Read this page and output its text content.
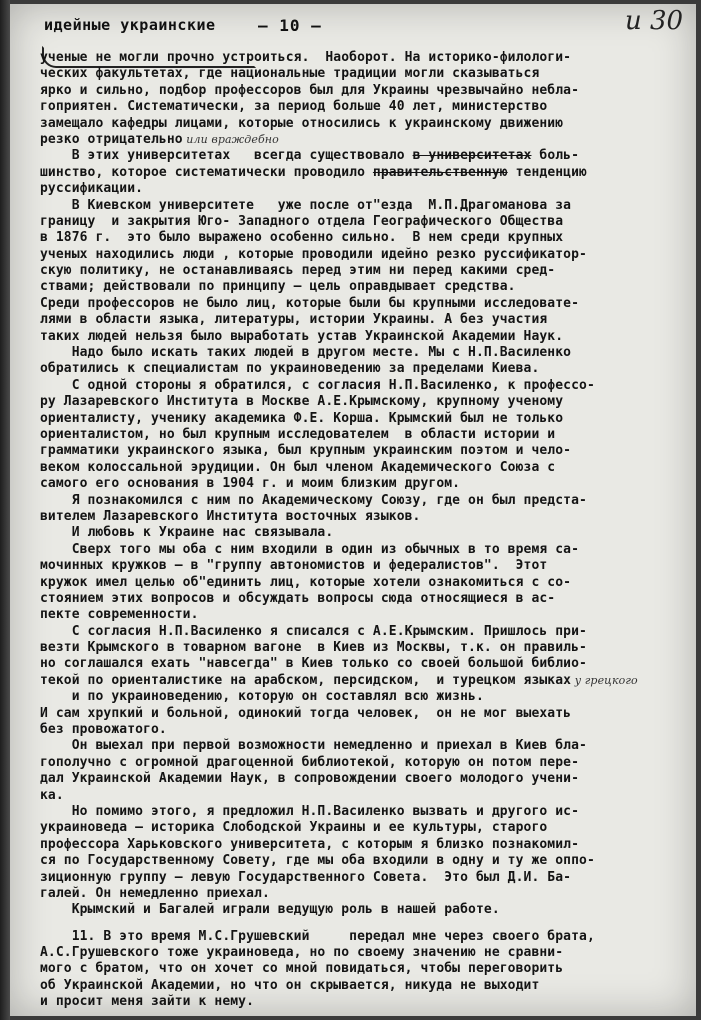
идейные украинские	— 10 —	и 30
ученые не могли прочно устроиться.  Наоборот. На историко-филологи-
ческих факультетах, где национальные традиции могли сказываться
ярко и сильно, подбор профессоров был для Украины чрезвычайно небла-
гоприятен. Систематически, за период больше 40 лет, министерство
замещало кафедры лицами, которые относились к украинскому движению
резко отрицательно или враждебно
В этих университетах   всегда существовало в университетах боль-
шинство, которое систематически проводило правительственную тенденцию
руссификации.
В Киевском университете   уже после от"езда  М.П.Драгоманова за
границу  и закрытия Юго- Западного отдела Географического Общества
в 1876 г.  это было выражено особенно сильно.  В нем среди крупных
ученых находились люди , которые проводили идейно резко руссификатор-
скую политику, не останавливаясь перед этим ни перед какими сред-
ствами; действовали по принципу — цель оправдывает средства.
Среди профессоров не было лиц, которые были бы крупными исследовате-
лями в области языка, литературы, истории Украины. А без участия
таких людей нельзя было выработать устав Украинской Академии Наук.
Надо было искать таких людей в другом месте. Мы с Н.П.Василенко
обратились к специалистам по украиноведению за пределами Киева.
С одной стороны я обратился, с согласия Н.П.Василенко, к профессо-
ру Лазаревского Института в Москве А.Е.Крымскому, крупному ученому
ориенталисту, ученику академика Ф.Е. Корша. Крымский был не только
ориенталистом, но был крупным исследователем  в области истории и
грамматики украинского языка, был крупным украинским поэтом и чело-
веком колоссальной эрудиции. Он был членом Академического Союза с
самого его основания в 1904 г. и моим близким другом.
Я познакомился с ним по Академическому Союзу, где он был предста-
вителем Лазаревского Института восточных языков.
И любовь к Украине нас связывала.
Сверх того мы оба с ним входили в один из обычных в то время са-
мочинных кружков — в "группу автономистов и федералистов".  Этот
кружок имел целью об"единить лиц, которые хотели ознакомиться с со-
стоянием этих вопросов и обсуждать вопросы сюда относящиеся в ас-
пекте современности.
С согласия Н.П.Василенко я списался с А.Е.Крымским. Пришлось при-
везти Крымского в товарном вагоне  в Киев из Москвы, т.к. он правиль-
но соглашался ехать "навсегда" в Киев только со своей большой библио-
текой по ориенталистике на арабском, персидском,  и турецком языках у грецкого
и по украиноведению, которую он составлял всю жизнь.
И сам хрупкий и больной, одинокий тогда человек,  он не мог выехать
без провожатого.
Он выехал при первой возможности немедленно и приехал в Киев бла-
гополучно с огромной драгоценной библиотекой, которую он потом пере-
дал Украинской Академии Наук, в сопровождении своего молодого учени-
ка.
Но помимо этого, я предложил Н.П.Василенко вызвать и другого ис-
украиноведа — историка Слободской Украины и ее культуры, старого
профессора Харьковского университета, с которым я близко познакомил-
ся по Государственному Совету, где мы оба входили в одну и ту же оппо-
зиционную группу — левую Государственного Совета.  Это был Д.И. Ба-
галей. Он немедленно приехал.
Крымский и Багалей играли ведущую роль в нашей работе.
11. В это время М.С.Грушевский     передал мне через своего брата,
А.С.Грушевского тоже украиноведа, но по своему значению не сравни-
мого с братом, что он хочет со мной повидаться, чтобы переговорить
об Украинской Академии, но что он скрывается, никуда не выходит
и просит меня зайти к нему.
